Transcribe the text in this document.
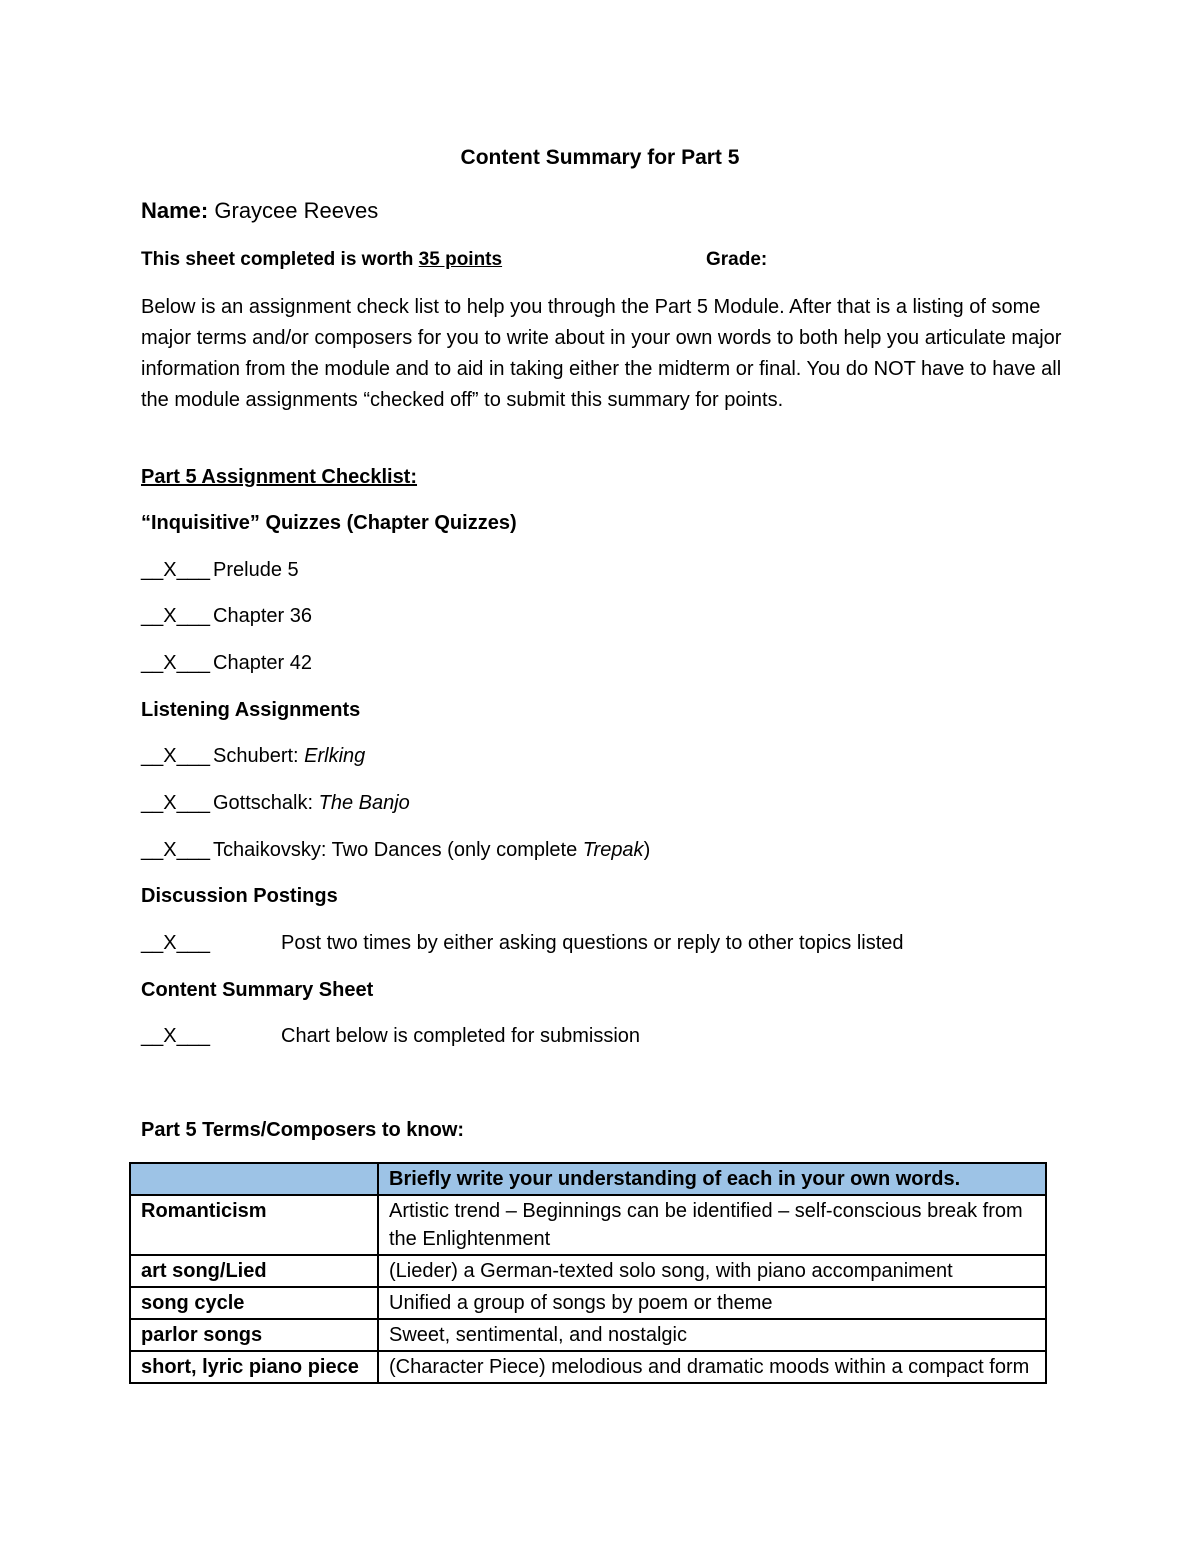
Content Summary for Part 5
Name: Graycee Reeves
This sheet completed is worth 35 points	Grade:
Below is an assignment check list to help you through the Part 5 Module. After that is a listing of some major terms and/or composers for you to write about in your own words to both help you articulate major information from the module and to aid in taking either the midterm or final. You do NOT have to have all the module assignments “checked off” to submit this summary for points.
Part 5 Assignment Checklist:
“Inquisitive” Quizzes (Chapter Quizzes)
__X___ Prelude 5
__X___ Chapter 36
__X___ Chapter 42
Listening Assignments
__X___ Schubert: Erlking
__X___ Gottschalk: The Banjo
__X___ Tchaikovsky: Two Dances (only complete Trepak)
Discussion Postings
__X___	Post two times by either asking questions or reply to other topics listed
Content Summary Sheet
__X___	Chart below is completed for submission
Part 5 Terms/Composers to know:
	Briefly write your understanding of each in your own words.
Romanticism	Artistic trend – Beginnings can be identified – self-conscious break from the Enlightenment
art song/Lied	(Lieder) a German-texted solo song, with piano accompaniment
song cycle	Unified a group of songs by poem or theme
parlor songs	Sweet, sentimental, and nostalgic
short, lyric piano piece	(Character Piece) melodious and dramatic moods within a compact form
